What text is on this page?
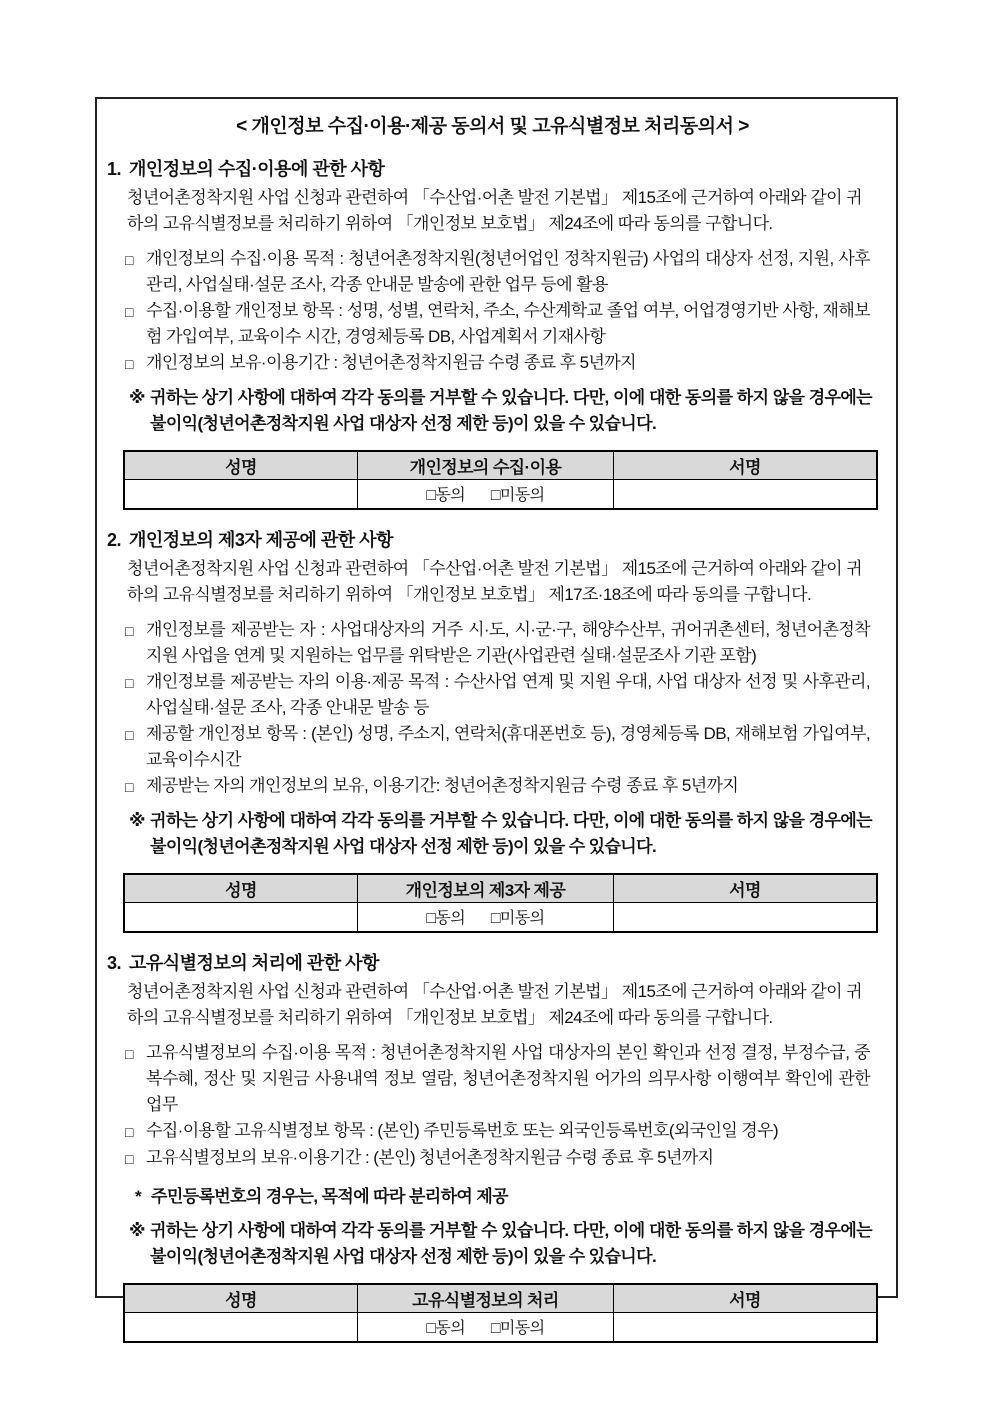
< 개인정보 수집·이용·제공 동의서 및 고유식별정보 처리동의서 >
1. 개인정보의 수집·이용에 관한 사항

청년어촌정착지원 사업 신청과 관련하여 「수산업·어촌 발전 기본법」 제15조에 근거하여 아래와 같이 귀하의 고유식별정보를 처리하기 위하여 「개인정보 보호법」 제24조에 따라 동의를 구합니다.

□ 개인정보의 수집·이용 목적 : 청년어촌정착지원(청년어업인 정착지원금) 사업의 대상자 선정, 지원, 사후관리, 사업실태·설문 조사, 각종 안내문 발송에 관한 업무 등에 활용
□ 수집·이용할 개인정보 항목 : 성명, 성별, 연락처, 주소, 수산계학교 졸업 여부, 어업경영기반 사항, 재해보험 가입여부, 교육이수 시간, 경영체등록 DB, 사업계획서 기재사항
□ 개인정보의 보유·이용기간 : 청년어촌정착지원금 수령 종료 후 5년까지
※ 귀하는 상기 사항에 대하여 각각 동의를 거부할 수 있습니다. 다만, 이에 대한 동의를 하지 않을 경우에는 불이익(청년어촌정착지원 사업 대상자 선정 제한 등)이 있을 수 있습니다.
성명	개인정보의 수집·이용	서명
	□동의 □미동의	
2. 개인정보의 제3자 제공에 관한 사항

청년어촌정착지원 사업 신청과 관련하여 「수산업·어촌 발전 기본법」 제15조에 근거하여 아래와 같이 귀하의 고유식별정보를 처리하기 위하여 「개인정보 보호법」 제17조·18조에 따라 동의를 구합니다.

□ 개인정보를 제공받는 자 : 사업대상자의 거주 시·도, 시·군·구, 해양수산부, 귀어귀촌센터, 청년어촌정착지원 사업을 연계 및 지원하는 업무를 위탁받은 기관(사업관련 실태·설문조사 기관 포함)
□ 개인정보를 제공받는 자의 이용·제공 목적 : 수산사업 연계 및 지원 우대, 사업 대상자 선정 및 사후관리, 사업실태·설문 조사, 각종 안내문 발송 등
□ 제공할 개인정보 항목 : (본인) 성명, 주소지, 연락처(휴대폰번호 등), 경영체등록 DB, 재해보험 가입여부, 교육이수시간
□ 제공받는 자의 개인정보의 보유, 이용기간: 청년어촌정착지원금 수령 종료 후 5년까지
※ 귀하는 상기 사항에 대하여 각각 동의를 거부할 수 있습니다. 다만, 이에 대한 동의를 하지 않을 경우에는 불이익(청년어촌정착지원 사업 대상자 선정 제한 등)이 있을 수 있습니다.
성명	개인정보의 제3자 제공	서명
	□동의 □미동의	
3. 고유식별정보의 처리에 관한 사항

청년어촌정착지원 사업 신청과 관련하여 「수산업·어촌 발전 기본법」 제15조에 근거하여 아래와 같이 귀하의 고유식별정보를 처리하기 위하여 「개인정보 보호법」 제24조에 따라 동의를 구합니다.

□ 고유식별정보의 수집·이용 목적 : 청년어촌정착지원 사업 대상자의 본인 확인과 선정 결정, 부정수급, 중복수혜, 정산 및 지원금 사용내역 정보 열람, 청년어촌정착지원 어가의 의무사항 이행여부 확인에 관한 업무
□ 수집·이용할 고유식별정보 항목 : (본인) 주민등록번호 또는 외국인등록번호(외국인일 경우)
□ 고유식별정보의 보유·이용기간 : (본인) 청년어촌정착지원금 수령 종료 후 5년까지
* 주민등록번호의 경우는, 목적에 따라 분리하여 제공
※ 귀하는 상기 사항에 대하여 각각 동의를 거부할 수 있습니다. 다만, 이에 대한 동의를 하지 않을 경우에는 불이익(청년어촌정착지원 사업 대상자 선정 제한 등)이 있을 수 있습니다.
성명	고유식별정보의 처리	서명
	□동의 □미동의	
